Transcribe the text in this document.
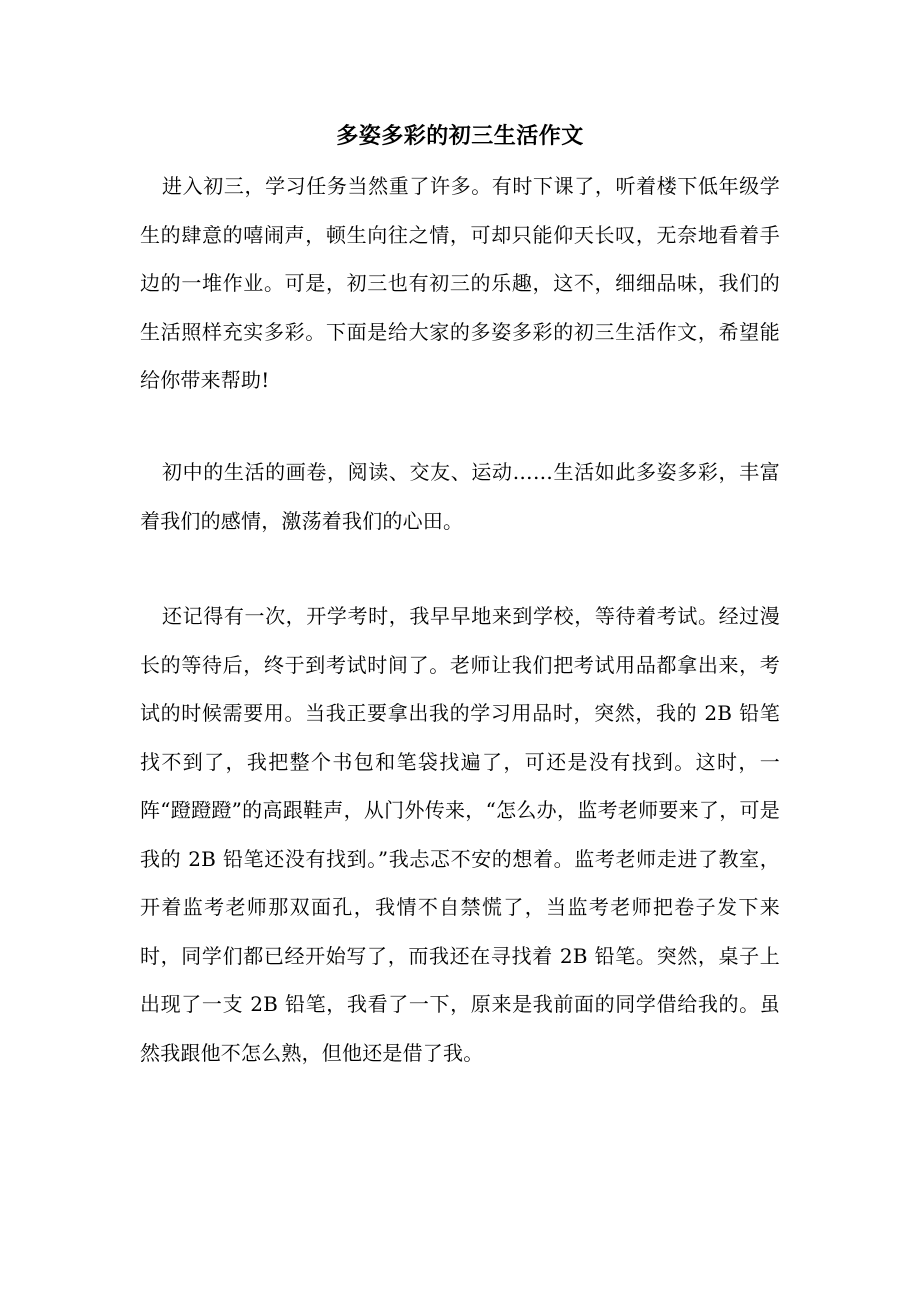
多姿多彩的初三生活作文

进入初三，学习任务当然重了许多。有时下课了，听着楼下低年级学生的肆意的嘻闹声，顿生向往之情，可却只能仰天长叹，无奈地看着手边的一堆作业。可是，初三也有初三的乐趣，这不，细细品味，我们的生活照样充实多彩。下面是给大家的多姿多彩的初三生活作文，希望能给你带来帮助!

初中的生活的画卷，阅读、交友、运动……生活如此多姿多彩，丰富着我们的感情，激荡着我们的心田。

还记得有一次，开学考时，我早早地来到学校，等待着考试。经过漫长的等待后，终于到考试时间了。老师让我们把考试用品都拿出来，考试的时候需要用。当我正要拿出我的学习用品时，突然，我的 2B 铅笔找不到了，我把整个书包和笔袋找遍了，可还是没有找到。这时，一阵“蹬蹬蹬”的高跟鞋声，从门外传来，“怎么办，监考老师要来了，可是我的 2B 铅笔还没有找到。”我忐忑不安的想着。监考老师走进了教室，开着监考老师那双面孔，我情不自禁慌了，当监考老师把卷子发下来时，同学们都已经开始写了，而我还在寻找着 2B 铅笔。突然，桌子上出现了一支 2B 铅笔，我看了一下，原来是我前面的同学借给我的。虽然我跟他不怎么熟，但他还是借了我。
